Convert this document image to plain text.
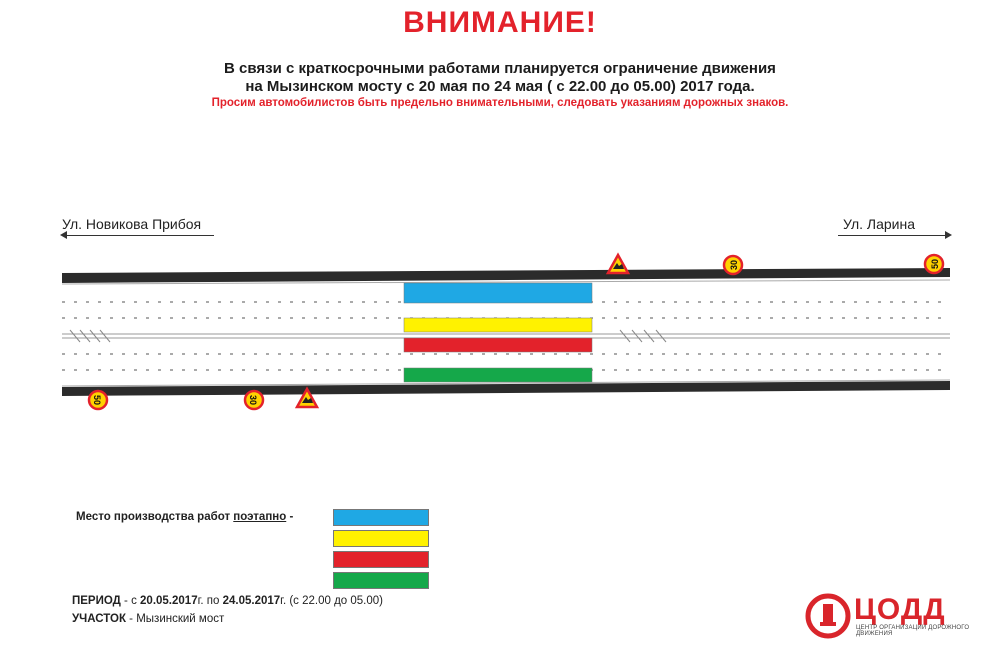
ВНИМАНИЕ!
В связи с краткосрочными работами планируется ограничение движения
на Мызинском мосту с 20 мая по 24 мая ( с 22.00 до 05.00) 2017 года.
Просим автомобилистов быть предельно внимательными, следовать указаниям дорожных знаков.
Ул. Новикова Прибоя	Ул. Ларина
30	50
50	30
Место производства работ поэтапно -
ПЕРИОД - с 20.05.2017г. по 24.05.2017г. (с 22.00 до 05.00)
УЧАСТОК - Мызинский мост	ЦОДД
ЦЕНТР ОРГАНИЗАЦИИ ДОРОЖНОГО ДВИЖЕНИЯ
